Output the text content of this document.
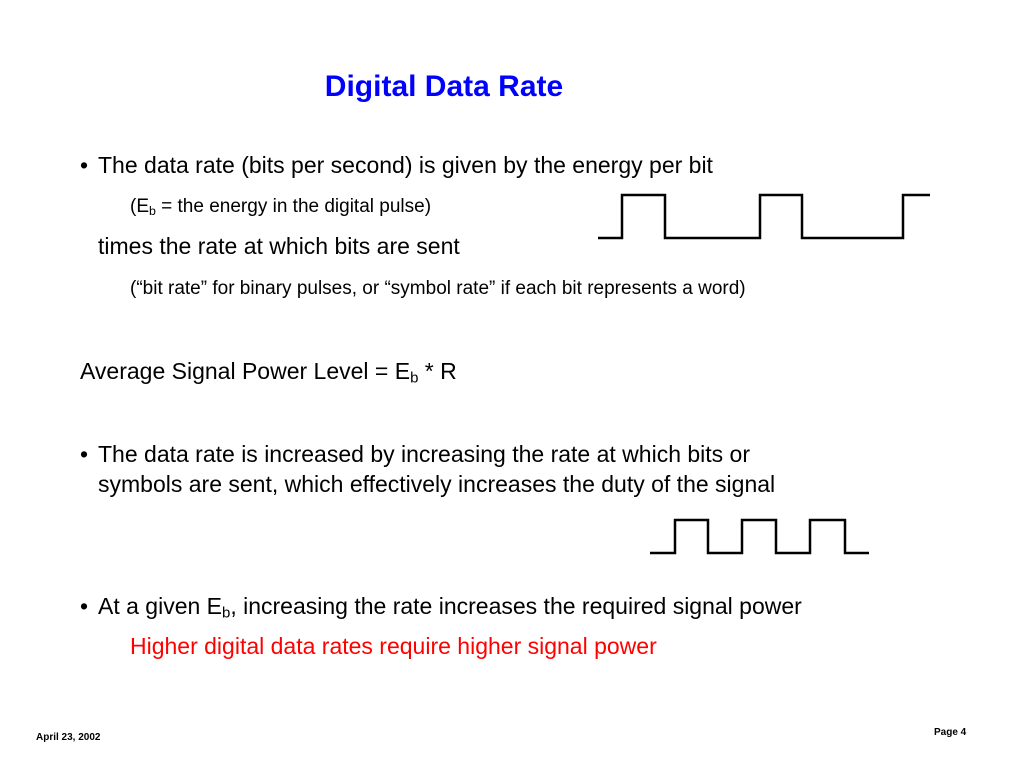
Digital Data Rate
• The data rate (bits per second) is given by the energy per bit
($E_b$ = the energy in the digital pulse)
times the rate at which bits are sent
(“bit rate” for binary pulses, or “symbol rate” if each bit represents a word)
Average Signal Power Level = $E_b$ * R
• The data rate is increased by increasing the rate at which bits or
symbols are sent, which effectively increases the duty of the signal
• At a given $E_b$, increasing the rate increases the required signal power
Higher digital data rates require higher signal power
April 23, 2002	Page 4
